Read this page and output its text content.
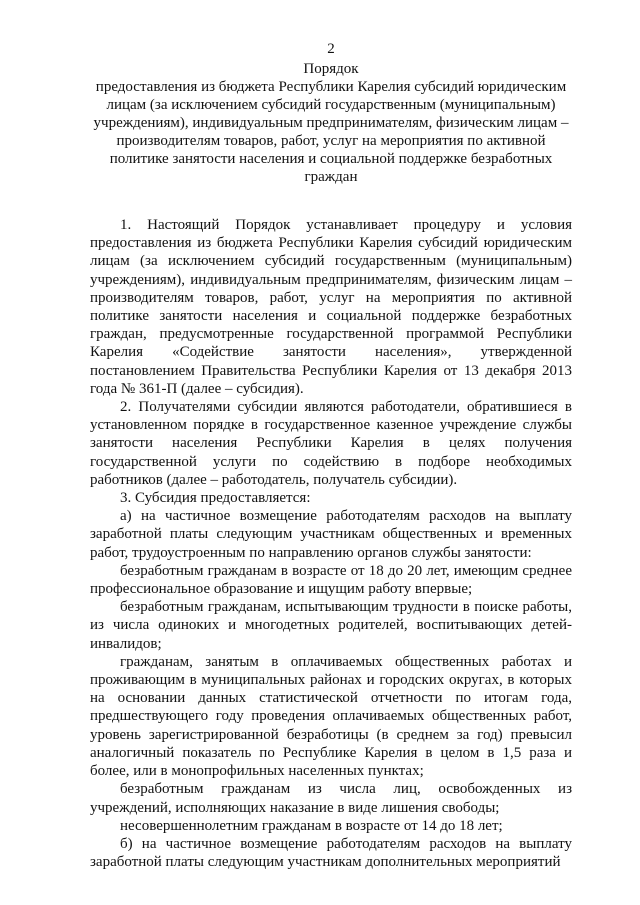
2
Порядок
предоставления из бюджета Республики Карелия субсидий юридическим лицам (за исключением субсидий государственным (муниципальным) учреждениям), индивидуальным предпринимателям, физическим лицам – производителям товаров, работ, услуг на мероприятия по активной политике занятости населения и социальной поддержке безработных граждан

1. Настоящий Порядок устанавливает процедуру и условия предоставления из бюджета Республики Карелия субсидий юридическим лицам (за исключением субсидий государственным (муниципальным) учреждениям), индивидуальным предпринимателям, физическим лицам – производителям товаров, работ, услуг на мероприятия по активной политике занятости населения и социальной поддержке безработных граждан, предусмотренные государственной программой Республики Карелия «Содействие занятости населения», утвержденной постановлением Правительства Республики Карелия от 13 декабря 2013 года № 361-П (далее – субсидия).

2. Получателями субсидии являются работодатели, обратившиеся в установленном порядке в государственное казенное учреждение службы занятости населения Республики Карелия в целях получения государственной услуги по содействию в подборе необходимых работников (далее – работодатель, получатель субсидии).

3. Субсидия предоставляется:

а) на частичное возмещение работодателям расходов на выплату заработной платы следующим участникам общественных и временных работ, трудоустроенным по направлению органов службы занятости:

безработным гражданам в возрасте от 18 до 20 лет, имеющим среднее профессиональное образование и ищущим работу впервые;

безработным гражданам, испытывающим трудности в поиске работы, из числа одиноких и многодетных родителей, воспитывающих детей-инвалидов;

гражданам, занятым в оплачиваемых общественных работах и проживающим в муниципальных районах и городских округах, в которых на основании данных статистической отчетности по итогам года, предшествующего году проведения оплачиваемых общественных работ, уровень зарегистрированной безработицы (в среднем за год) превысил аналогичный показатель по Республике Карелия в целом в 1,5 раза и более, или в монопрофильных населенных пунктах;

безработным гражданам из числа лиц, освобожденных из учреждений, исполняющих наказание в виде лишения свободы;

несовершеннолетним гражданам в возрасте от 14 до 18 лет;

б) на частичное возмещение работодателям расходов на выплату заработной платы следующим участникам дополнительных мероприятий
